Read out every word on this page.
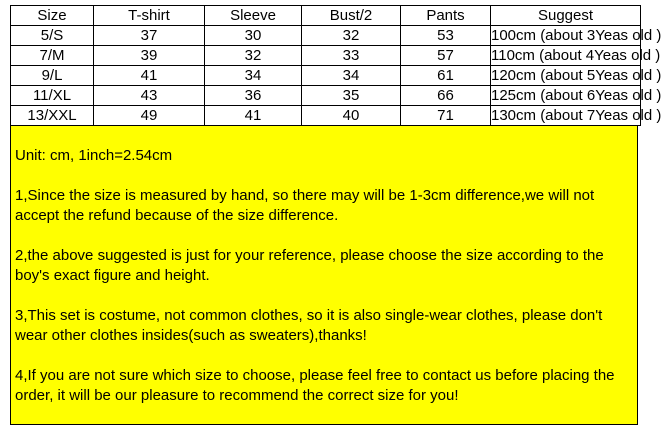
Size	T-shirt	Sleeve	Bust/2	Pants	Suggest
5/S	37	30	32	53	100cm (about 3Yeas old )
7/M	39	32	33	57	110cm (about 4Yeas old )
9/L	41	34	34	61	120cm (about 5Yeas old )
11/XL	43	36	35	66	125cm (about 6Yeas old )
13/XXL	49	41	40	71	130cm (about 7Yeas old )

Unit: cm, 1inch=2.54cm

1,Since the size is measured by hand, so there may will be 1-3cm difference,we will not accept the refund because of the size difference.

2,the above suggested is just for your reference, please choose the size according to the boy's exact figure and height.

3,This set is costume, not common clothes, so it is also single-wear clothes, please don't wear other clothes insides(such as sweaters),thanks!

4,If you are not sure which size to choose, please feel free to contact us before placing the order, it will be our pleasure to recommend the correct size for you!
